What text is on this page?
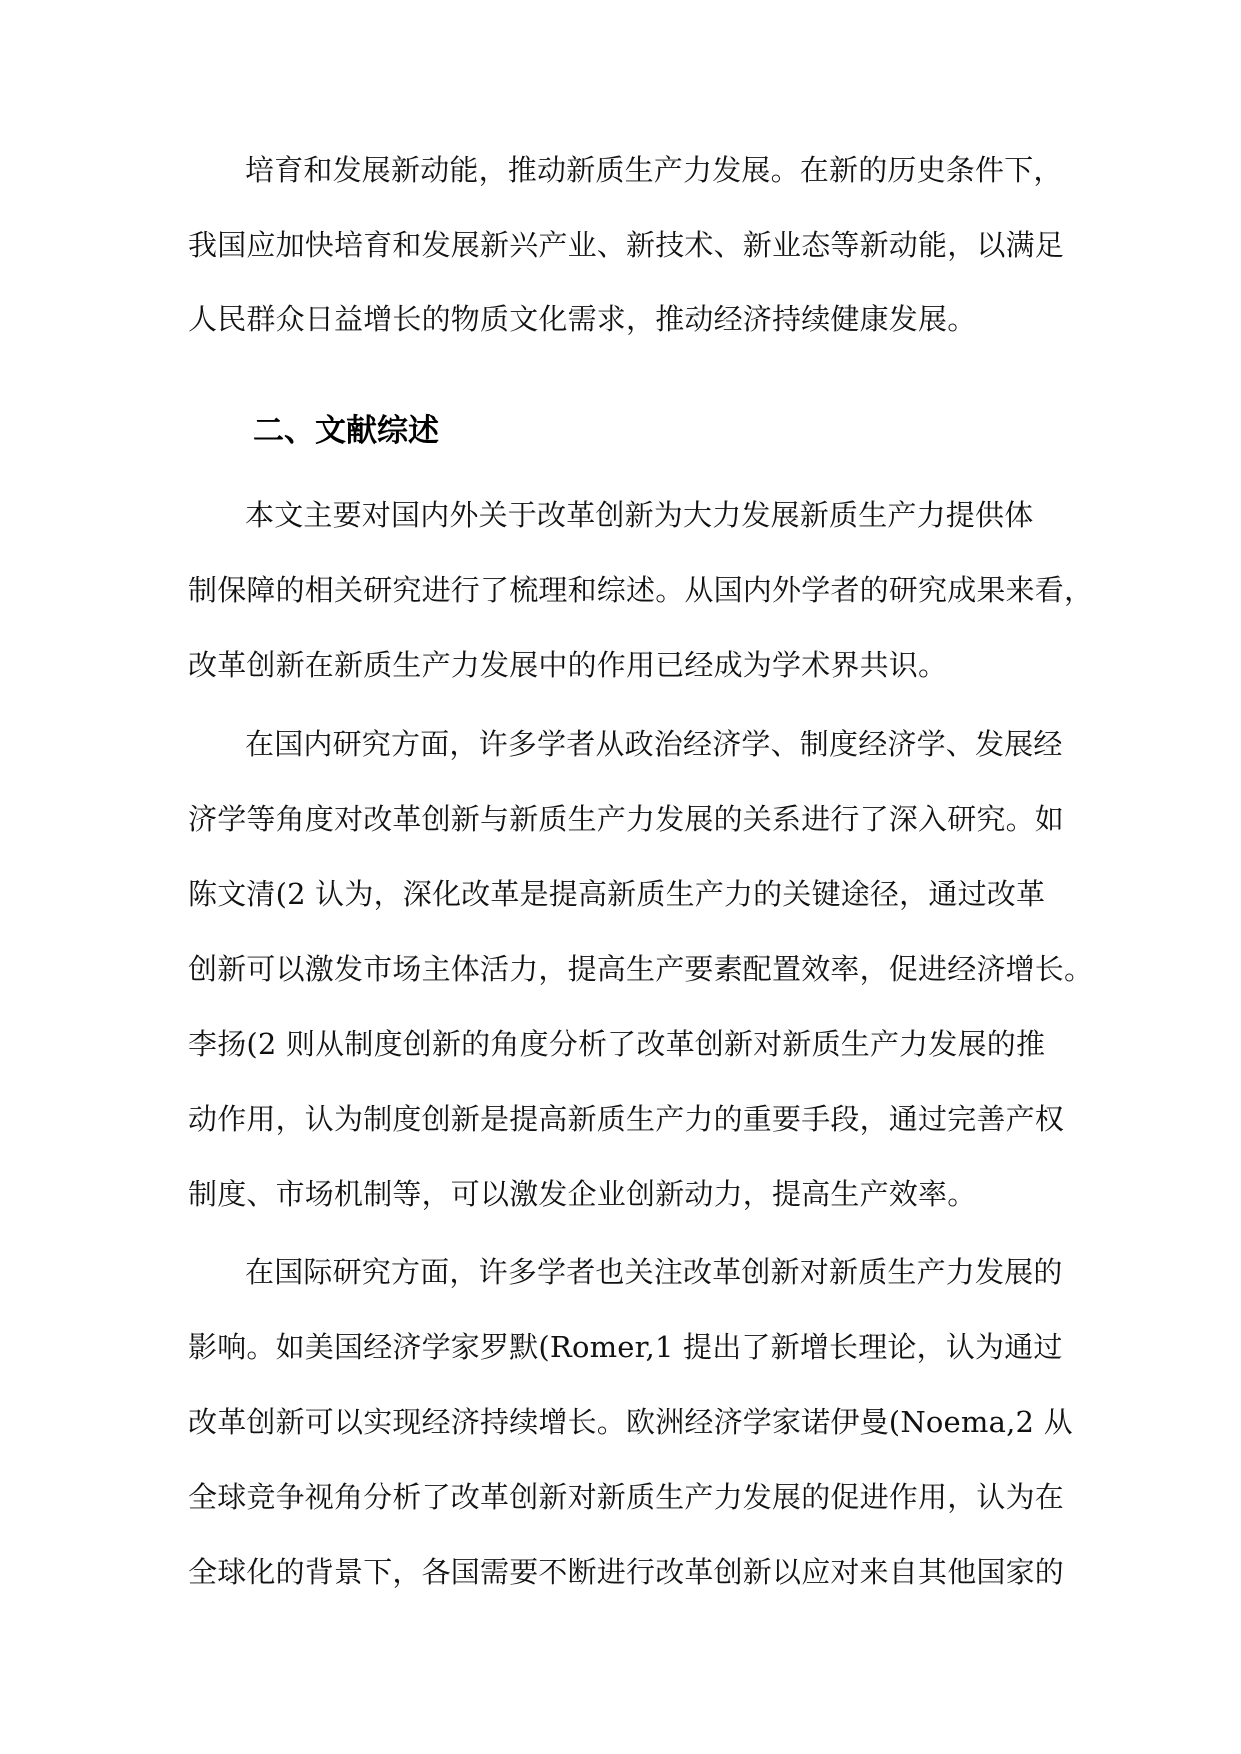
培育和发展新动能，推动新质生产力发展。在新的历史条件下，
我国应加快培育和发展新兴产业、新技术、新业态等新动能，以满足
人民群众日益增长的物质文化需求，推动经济持续健康发展。
二、文献综述
本文主要对国内外关于改革创新为大力发展新质生产力提供体
制保障的相关研究进行了梳理和综述。从国内外学者的研究成果来看，
改革创新在新质生产力发展中的作用已经成为学术界共识。
在国内研究方面，许多学者从政治经济学、制度经济学、发展经
济学等角度对改革创新与新质生产力发展的关系进行了深入研究。如
陈文清(2 认为，深化改革是提高新质生产力的关键途径，通过改革
创新可以激发市场主体活力，提高生产要素配置效率，促进经济增长。
李扬(2 则从制度创新的角度分析了改革创新对新质生产力发展的推
动作用，认为制度创新是提高新质生产力的重要手段，通过完善产权
制度、市场机制等，可以激发企业创新动力，提高生产效率。
在国际研究方面，许多学者也关注改革创新对新质生产力发展的
影响。如美国经济学家罗默(Romer,1 提出了新增长理论，认为通过
改革创新可以实现经济持续增长。欧洲经济学家诺伊曼(Noema,2 从
全球竞争视角分析了改革创新对新质生产力发展的促进作用，认为在
全球化的背景下，各国需要不断进行改革创新以应对来自其他国家的
